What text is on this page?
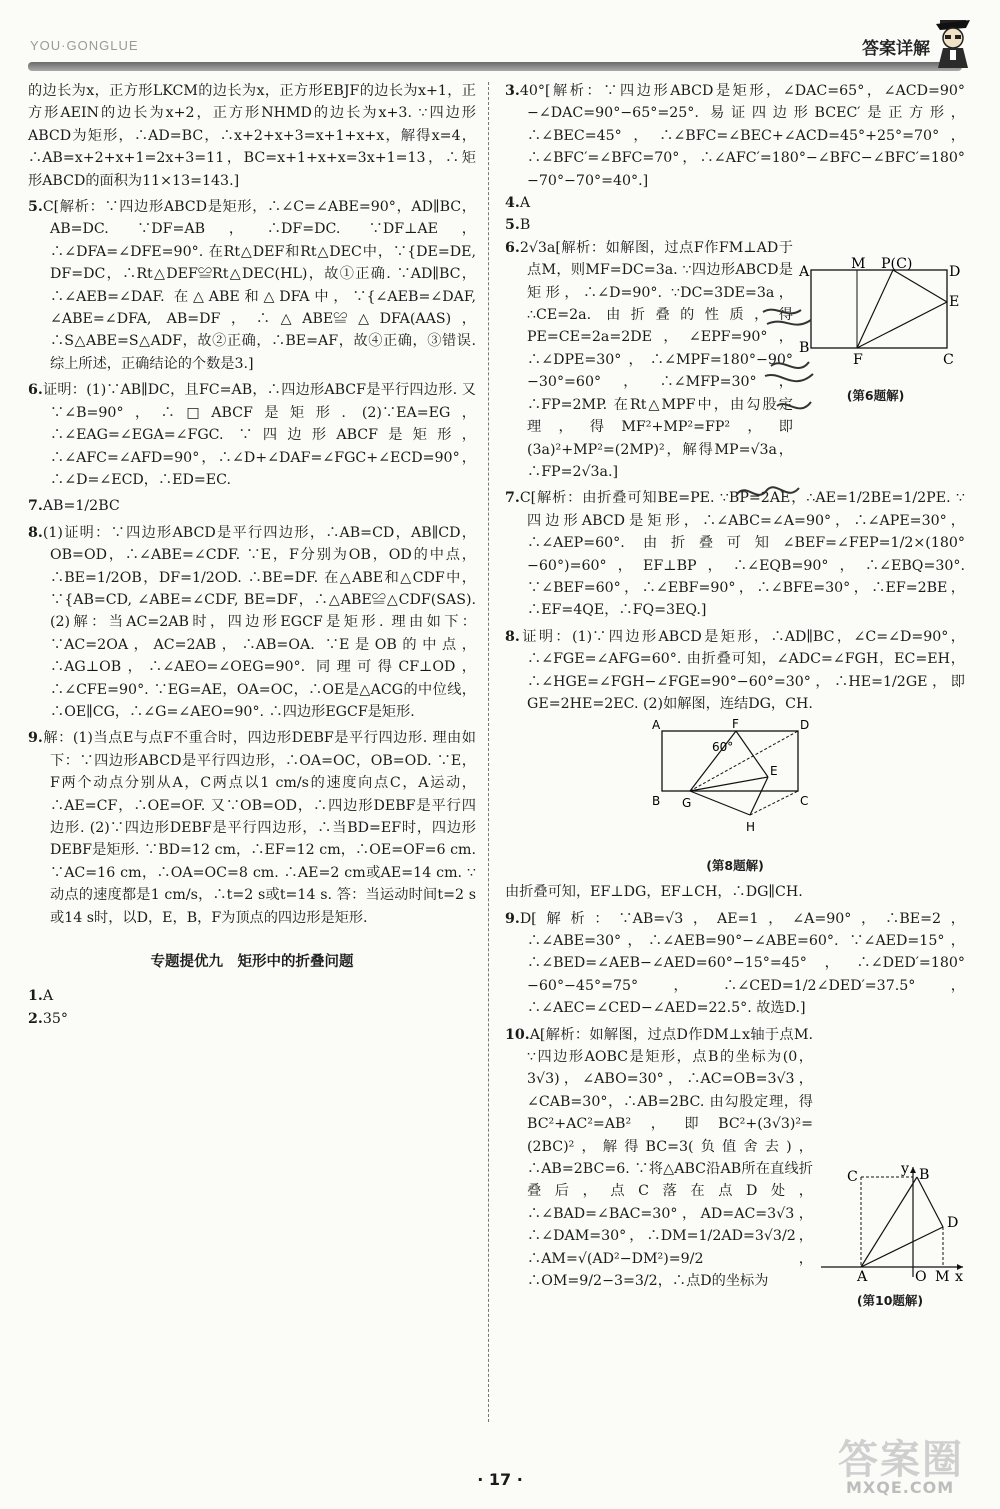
YOU·GONGLUE	答案详解

的边长为x，正方形LKCM的边长为x，正方形EBJF的边长为x+1，正方形AEIN的边长为x+2，正方形NHMD的边长为x+3. ∵四边形ABCD为矩形，∴AD=BC，∴x+2+x+3=x+1+x+x，解得x=4，∴AB=x+2+x+1=2x+3=11，BC=x+1+x+x=3x+1=13，∴矩形ABCD的面积为11×13=143.]

5.C[解析：∵四边形ABCD是矩形，∴∠C=∠ABE=90°，AD∥BC，AB=DC. ∵DF=AB，∴DF=DC. ∵DF⊥AE，∴∠DFA=∠DFE=90°. 在Rt△DEF和Rt△DEC中，∵{DE=DE, DF=DC，∴Rt△DEF≌Rt△DEC(HL)，故①正确. ∵AD∥BC，∴∠AEB=∠DAF. 在△ABE和△DFA中，∵{∠AEB=∠DAF, ∠ABE=∠DFA, AB=DF，∴△ABE≌△DFA(AAS)，∴S△ABE=S△ADF，故②正确，∴BE=AF，故④正确，③错误. 综上所述，正确结论的个数是3.]

6.证明：(1)∵AB∥DC，且FC=AB，∴四边形ABCF是平行四边形. 又∵∠B=90°，∴□ABCF是矩形. (2)∵EA=EG，∴∠EAG=∠EGA=∠FGC. ∵四边形ABCF是矩形，∴∠AFC=∠AFD=90°，∴∠D+∠DAF=∠FGC+∠ECD=90°，∴∠D=∠ECD，∴ED=EC.

7.AB=1/2BC

8.(1)证明：∵四边形ABCD是平行四边形，∴AB=CD，AB∥CD，OB=OD，∴∠ABE=∠CDF. ∵E，F分别为OB，OD的中点，∴BE=1/2OB，DF=1/2OD. ∴BE=DF. 在△ABE和△CDF中，∵{AB=CD, ∠ABE=∠CDF, BE=DF，∴△ABE≌△CDF(SAS). (2)解：当AC=2AB时，四边形EGCF是矩形. 理由如下：∵AC=2OA，AC=2AB，∴AB=OA. ∵E是OB的中点，∴AG⊥OB，∴∠AEO=∠OEG=90°. 同理可得CF⊥OD，∴∠CFE=90°. ∵EG=AE，OA=OC，∴OE是△ACG的中位线，∴OE∥CG，∴∠G=∠AEO=90°. ∴四边形EGCF是矩形.

9.解：(1)当点E与点F不重合时，四边形DEBF是平行四边形. 理由如下：∵四边形ABCD是平行四边形，∴OA=OC，OB=OD. ∵E，F两个动点分别从A，C两点以1 cm/s的速度向点C，A运动，∴AE=CF，∴OE=OF. 又∵OB=OD，∴四边形DEBF是平行四边形. (2)∵四边形DEBF是平行四边形，∴当BD=EF时，四边形DEBF是矩形. ∵BD=12 cm，∴EF=12 cm，∴OE=OF=6 cm. ∵AC=16 cm，∴OA=OC=8 cm. ∴AE=2 cm或AE=14 cm. ∵动点的速度都是1 cm/s，∴t=2 s或t=14 s. 答：当运动时间t=2 s或14 s时，以D，E，B，F为顶点的四边形是矩形.

专题提优九　矩形中的折叠问题

1.A

2.35°

3.40°[解析：∵四边形ABCD是矩形，∠DAC=65°，∠ACD=90°−∠DAC=90°−65°=25°. 易证四边形BCEC′是正方形，∴∠BEC=45°，∴∠BFC=∠BEC+∠ACD=45°+25°=70°，∴∠BFC′=∠BFC=70°，∴∠AFC′=180°−∠BFC−∠BFC′=180°−70°−70°=40°.]

4.A

5.B

6.2√3a[解析：如解图，过点F作FM⊥AD于点M，则MF=DC=3a. ∵四边形ABCD是矩形，∴∠D=90°. ∵DC=3DE=3a，∴CE=2a. 由折叠的性质，得PE=CE=2a=2DE，∠EPF=90°，∴∠DPE=30°，∴∠MPF=180°−90°−30°=60°，∴∠MFP=30°，∴FP=2MP. 在Rt△MPF中，由勾股定理，得MF²+MP²=FP²，即(3a)²+MP²=(2MP)²，解得MP=√3a，∴FP=2√3a.]

7.C[解析：由折叠可知BE=PE. ∵BP=2AE，∴AE=1/2BE=1/2PE. ∵四边形ABCD是矩形，∴∠ABC=∠A=90°，∴∠APE=30°，∴∠AEP=60°. 由折叠可知∠BEF=∠FEP=1/2×(180°−60°)=60°，EF⊥BP，∴∠EQB=90°，∴∠EBQ=30°. ∵∠BEF=60°，∴∠EBF=90°，∴∠BFE=30°，∴EF=2BE，∴EF=4QE，∴FQ=3EQ.]

8.证明：(1)∵四边形ABCD是矩形，∴AD∥BC，∠C=∠D=90°，∴∠FGE=∠AFG=60°. 由折叠可知，∠ADC=∠FGH，EC=EH，∴∠HGE=∠FGH−∠FGE=90°−60°=30°，∴HE=1/2GE，即GE=2HE=2EC. (2)如解图，连结DG，CH.

A	F	D
60°
E
B G	C
H
(第8题解)

由折叠可知，EF⊥DG，EF⊥CH，∴DG∥CH.

9.D[解析：∵AB=√3，AE=1，∠A=90°，∴BE=2，∴∠ABE=30°，∴∠AEB=90°−∠ABE=60°. ∵∠AED=15°，∴∠BED=∠AEB−∠AED=60°−15°=45°，∴∠DED′=180°−60°−45°=75°，∴∠CED=1/2∠DED′=37.5°，∴∠AEC=∠CED−∠AED=22.5°. 故选D.]

10.A[解析：如解图，过点D作DM⊥x轴于点M. ∵四边形AOBC是矩形，点B的坐标为(0，3√3)，∠ABO=30°，∴AC=OB=3√3，∠CAB=30°，∴AB=2BC. 由勾股定理，得BC²+AC²=AB²，即BC²+(3√3)²=(2BC)²，解得BC=3(负值舍去)，∴AB=2BC=6. ∵将△ABC沿AB所在直线折叠后，点C落在点D处，∴∠BAD=∠BAC=30°，AD=AC=3√3，∴∠DAM=30°，∴DM=1/2AD=3√3/2，∴AM=√(AD²−DM²)=9/2，∴OM=9/2−3=3/2，∴点D的坐标为

M P(C)	D
E
A
B
F	C
(第6题解)
y
C	B
D
A	O M x
(第10题解)
· 17 ·	答案圈
MXQE.COM
